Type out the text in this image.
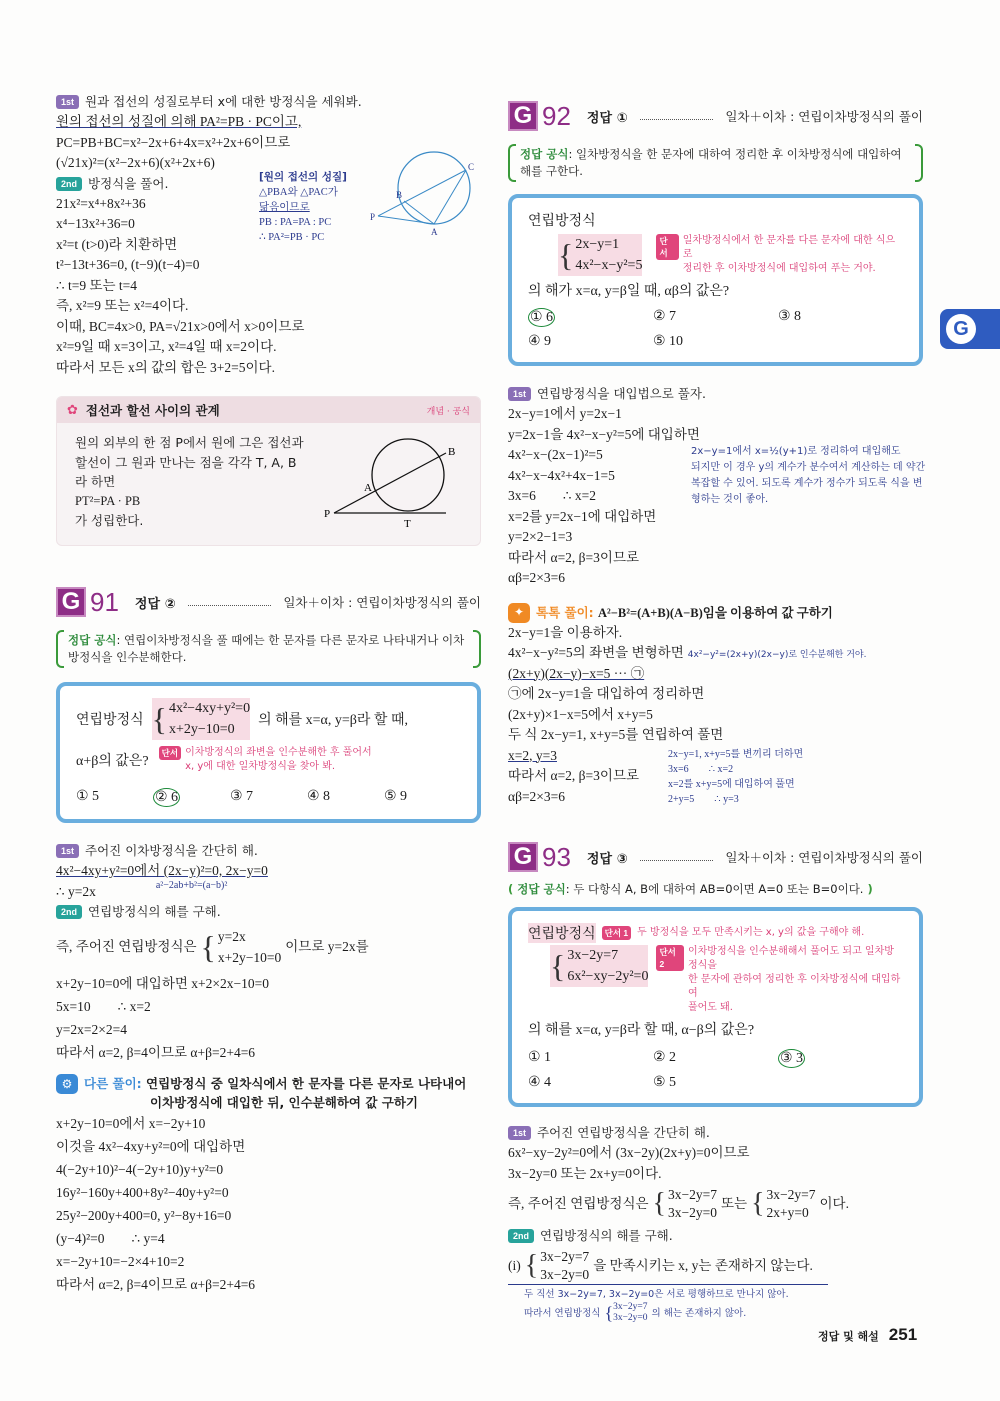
G
1st 원과 접선의 성질로부터 x에 대한 방정식을 세워봐.
원의 접선의 성질에 의해 PA²=PB · PC이고,
PC=PB+BC=x²−2x+6+4x=x²+2x+6이므로
(√21x)²=(x²−2x+6)(x²+2x+6)
2nd 방정식을 풀어.
21x²=x⁴+8x²+36
x⁴−13x²+36=0
x²=t (t>0)라 치환하면
t²−13t+36=0, (t−9)(t−4)=0
∴ t=9 또는 t=4
즉, x²=9 또는 x²=4이다.
이때, BC=4x>0, PA=√21x>0에서 x>0이므로
x²=9일 때 x=3이고, x²=4일 때 x=2이다.
따라서 모든 x의 값의 합은 3+2=5이다.
[원의 접선의 성질]
△PBA와 △PAC가
닮음이므로
PB : PA=PA : PC
∴ PA²=PB · PC
P
B
C
A
✿ 접선과 할선 사이의 관계	개념 · 공식
원의 외부의 한 점 P에서 원에 그은 접선과
할선이 그 원과 만나는 점을 각각 T, A, B
라 하면
PT²=PA · PB
가 성립한다.	P
A
B
T
G 91 정답 ②	일차＋이차 : 연립이차방정식의 풀이
정답 공식: 연립이차방정식을 풀 때에는 한 문자를 다른 문자로 나타내거나 이차방정식을 인수분해한다.
연립방정식 { 4x²−4xy+y²=0
x+2y−10=0
의 해를 x=α, y=β라 할 때,
α+β의 값은?
단서 이차방정식의 좌변을 인수분해한 후 풀어서
x, y에 대한 일차방정식을 찾아 봐.
① 5	② 6	③ 7	④ 8	⑤ 9
1st 주어진 이차방정식을 간단히 해.
4x²−4xy+y²=0에서 (2x−y)²=0, 2x−y=0
∴ y=2x	a²−2ab+b²=(a−b)²
2nd 연립방정식의 해를 구해.
즉, 주어진 연립방정식은 { y=2x
x+2y−10=0
이므로 y=2x를
x+2y−10=0에 대입하면 x+2×2x−10=0
5x=10        ∴ x=2
y=2x=2×2=4
따라서 α=2, β=4이므로 α+β=2+4=6
⚙ 다른 풀이: 연립방정식 중 일차식에서 한 문자를 다른 문자로 나타내어
이차방정식에 대입한 뒤, 인수분해하여 값 구하기
x+2y−10=0에서 x=−2y+10
이것을 4x²−4xy+y²=0에 대입하면
4(−2y+10)²−4(−2y+10)y+y²=0
16y²−160y+400+8y²−40y+y²=0
25y²−200y+400=0, y²−8y+16=0
(y−4)²=0        ∴ y=4
x=−2y+10=−2×4+10=2
따라서 α=2, β=4이므로 α+β=2+4=6
G 92 정답 ①	일차＋이차 : 연립이차방정식의 풀이
정답 공식: 일차방정식을 한 문자에 대하여 정리한 후 이차방정식에 대입하여 해를 구한다.
연립방정식
{ 2x−y=1
4x²−x−y²=5
단서
일차방정식에서 한 문자를 다른 문자에 대한 식으로
정리한 후 이차방정식에 대입하여 푸는 거야.
의 해가 x=α, y=β일 때, αβ의 값은?
① 6	② 7	③ 8
④ 9	⑤ 10
1st 연립방정식을 대입법으로 풀자.
2x−y=1에서 y=2x−1
y=2x−1을 4x²−x−y²=5에 대입하면
4x²−x−(2x−1)²=5
4x²−x−4x²+4x−1=5
3x=6        ∴ x=2
x=2를 y=2x−1에 대입하면
y=2×2−1=3
따라서 α=2, β=3이므로
αβ=2×3=6
2x−y=1에서 x=½(y+1)로 정리하여 대입해도
되지만 이 경우 y의 계수가 분수여서 계산하는 데 약간
복잡할 수 있어. 되도록 계수가 정수가 되도록 식을 변
형하는 것이 좋아.
✦ 톡톡 풀이: A²−B²=(A+B)(A−B)임을 이용하여 값 구하기
2x−y=1을 이용하자.
4x²−x−y²=5의 좌변을 변형하면 4x²−y²=(2x+y)(2x−y)로 인수분해한 거야.
(2x+y)(2x−y)−x=5 ··· ㉠
㉠에 2x−y=1을 대입하여 정리하면
(2x+y)×1−x=5에서 x+y=5
두 식 2x−y=1, x+y=5를 연립하여 풀면
x=2, y=3
따라서 α=2, β=3이므로
αβ=2×3=6
2x−y=1, x+y=5를 변끼리 더하면
3x=6        ∴ x=2
x=2를 x+y=5에 대입하여 풀면
2+y=5        ∴ y=3
G 93 정답 ③	일차＋이차 : 연립이차방정식의 풀이
( 정답 공식: 두 다항식 A, B에 대하여 AB=0이면 A=0 또는 B=0이다. )
연립방정식	단서 1 두 방정식을 모두 만족시키는 x, y의 값을 구해야 해.
{ 3x−2y=7
6x²−xy−2y²=0
단서 2
이차방정식을 인수분해해서 풀어도 되고 일차방정식을
한 문자에 관하여 정리한 후 이차방정식에 대입하여
풀어도 돼.
의 해를 x=α, y=β라 할 때, α−β의 값은?
① 1	② 2	③ 3
④ 4	⑤ 5
1st 주어진 연립방정식을 간단히 해.
6x²−xy−2y²=0에서 (3x−2y)(2x+y)=0이므로
3x−2y=0 또는 2x+y=0이다.
즉, 주어진 연립방정식은 { 3x−2y=7
3x−2y=0
또는 { 3x−2y=7
2x+y=0
이다.
2nd 연립방정식의 해를 구해.
(i) { 3x−2y=7
3x−2y=0
을 만족시키는 x, y는 존재하지 않는다.
두 직선 3x−2y=7, 3x−2y=0은 서로 평행하므로 만나지 않아.
따라서 연립방정식 { 3x−2y=7
3x−2y=0 의 해는 존재하지 않아.
정답 및 해설 251
